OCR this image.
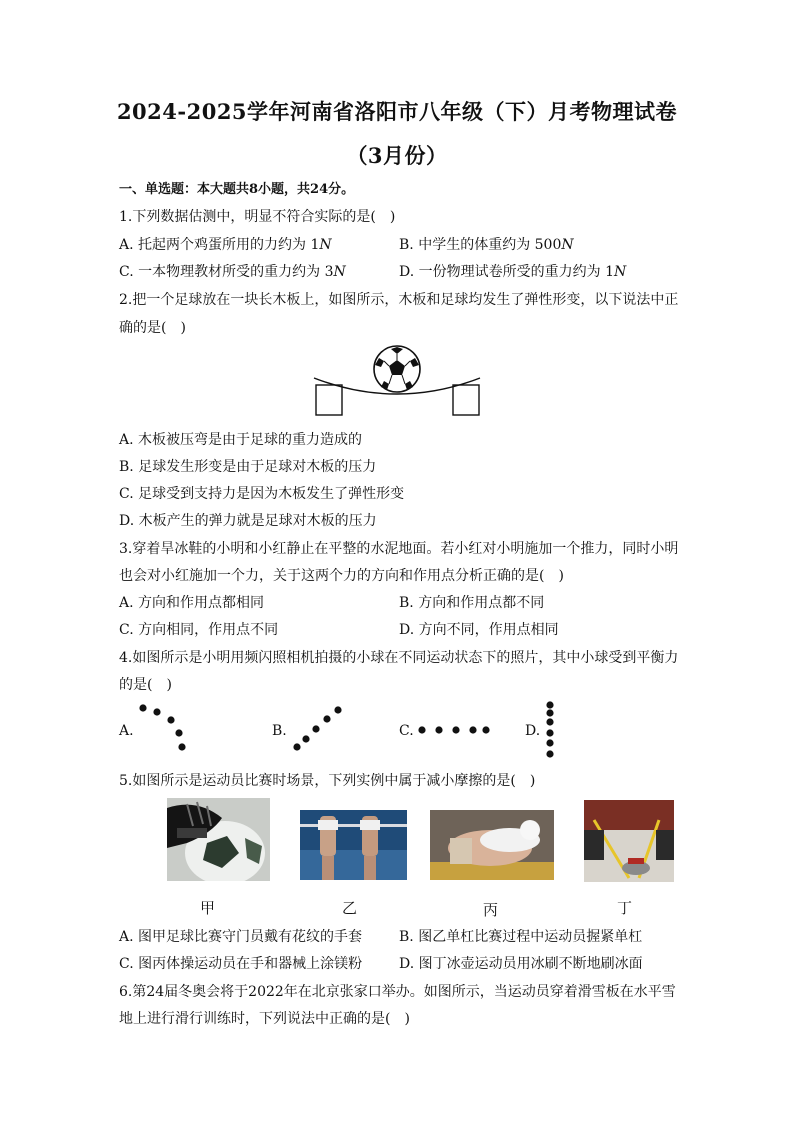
2024-2025学年河南省洛阳市八年级（下）月考物理试卷
（3月份）
一、单选题：本大题共8小题，共24分。
1.下列数据估测中，明显不符合实际的是(　)
A. 托起两个鸡蛋所用的力约为 1N	B. 中学生的体重约为 500N
C. 一本物理教材所受的重力约为 3N	D. 一份物理试卷所受的重力约为 1N
2.把一个足球放在一块长木板上，如图所示，木板和足球均发生了弹性形变，以下说法中正
确的是(　)
A. 木板被压弯是由于足球的重力造成的
B. 足球发生形变是由于足球对木板的压力
C. 足球受到支持力是因为木板发生了弹性形变
D. 木板产生的弹力就是足球对木板的压力
3.穿着旱冰鞋的小明和小红静止在平整的水泥地面。若小红对小明施加一个推力，同时小明
也会对小红施加一个力，关于这两个力的方向和作用点分析正确的是(　)
A. 方向和作用点都相同	B. 方向和作用点都不同
C. 方向相同，作用点不同	D. 方向不同，作用点相同
4.如图所示是小明用频闪照相机拍摄的小球在不同运动状态下的照片，其中小球受到平衡力
的是(　)
A.	B.	C.	D.
5.如图所示是运动员比赛时场景，下列实例中属于减小摩擦的是(　)
甲	乙	丙	丁
A. 图甲足球比赛守门员戴有花纹的手套	B. 图乙单杠比赛过程中运动员握紧单杠
C. 图丙体操运动员在手和器械上涂镁粉	D. 图丁冰壶运动员用冰刷不断地刷冰面
6.第24届冬奥会将于2022年在北京张家口举办。如图所示，当运动员穿着滑雪板在水平雪
地上进行滑行训练时，下列说法中正确的是(　)
